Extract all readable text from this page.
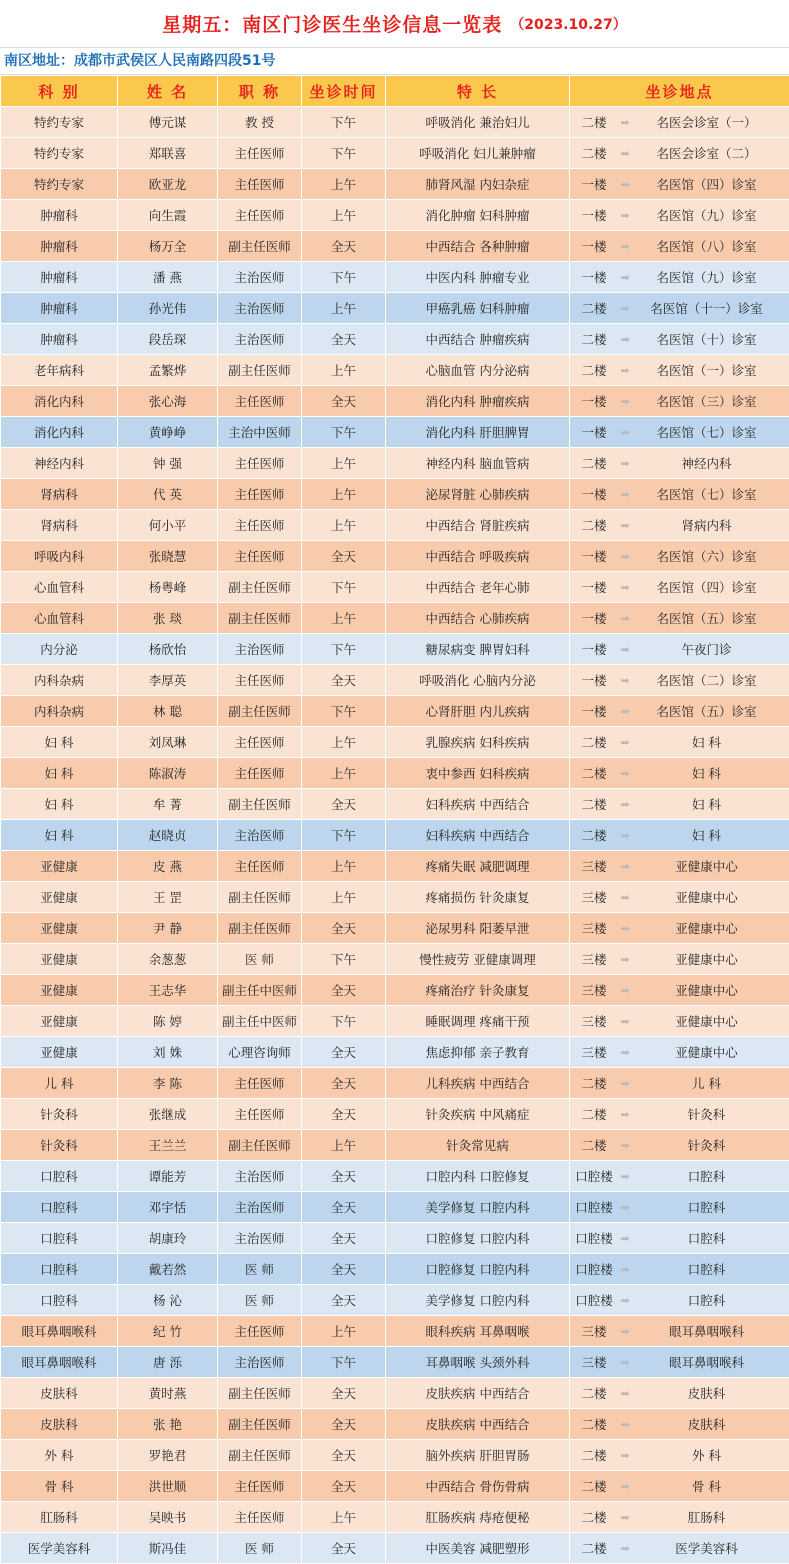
星期五：南区门诊医生坐诊信息一览表 （2023.10.27）
南区地址：成都市武侯区人民南路四段51号
科 别	姓 名	职 称	坐诊时间	特 长	坐诊地点
特约专家	傅元谋	教 授	下午	呼吸消化 兼治妇儿	二楼 ➡ 名医会诊室（一）

特约专家	郑联喜	主任医师	下午	呼吸消化 妇儿兼肿瘤	二楼 ➡ 名医会诊室（二）

特约专家	欧亚龙	主任医师	上午	肺肾风湿 内妇杂症	一楼 ➡ 名医馆（四）诊室

肿瘤科	向生霞	主任医师	上午	消化肿瘤 妇科肿瘤	一楼 ➡ 名医馆（九）诊室

肿瘤科	杨万全	副主任医师	全天	中西结合 各种肿瘤	一楼 ➡ 名医馆（八）诊室

肿瘤科	潘 燕	主治医师	下午	中医内科 肿瘤专业	一楼 ➡ 名医馆（九）诊室

肿瘤科	孙光伟	主治医师	上午	甲癌乳癌 妇科肿瘤	二楼 ➡ 名医馆（十一）诊室

肿瘤科	段岳琛	主治医师	全天	中西结合 肿瘤疾病	二楼 ➡ 名医馆（十）诊室

老年病科	孟繁烨	副主任医师	上午	心脑血管 内分泌病	二楼 ➡ 名医馆（一）诊室

消化内科	张心海	主任医师	全天	消化内科 肿瘤疾病	一楼 ➡ 名医馆（三）诊室

消化内科	黄峥峥	主治中医师	下午	消化内科 肝胆脾胃	一楼 ➡ 名医馆（七）诊室

神经内科	钟 强	主任医师	上午	神经内科 脑血管病	二楼 ➡ 神经内科

肾病科	代 英	主任医师	上午	泌尿肾脏 心肺疾病	一楼 ➡ 名医馆（七）诊室

肾病科	何小平	主任医师	上午	中西结合 肾脏疾病	二楼 ➡ 肾病内科

呼吸内科	张晓慧	主任医师	全天	中西结合 呼吸疾病	一楼 ➡ 名医馆（六）诊室

心血管科	杨粤峰	副主任医师	下午	中西结合 老年心肺	一楼 ➡ 名医馆（四）诊室

心血管科	张 琰	副主任医师	上午	中西结合 心肺疾病	一楼 ➡ 名医馆（五）诊室

内分泌	杨欣怡	主治医师	下午	糖尿病变 脾胃妇科	一楼 ➡ 午夜门诊

内科杂病	李厚英	主任医师	全天	呼吸消化 心脑内分泌	一楼 ➡ 名医馆（二）诊室

内科杂病	林 聪	副主任医师	下午	心肾肝胆 内儿疾病	一楼 ➡ 名医馆（五）诊室

妇 科	刘凤琳	主任医师	上午	乳腺疾病 妇科疾病	二楼 ➡ 妇 科

妇 科	陈淑涛	主任医师	上午	衷中参西 妇科疾病	二楼 ➡ 妇 科

妇 科	牟 菁	副主任医师	全天	妇科疾病 中西结合	二楼 ➡ 妇 科

妇 科	赵晓贞	主治医师	下午	妇科疾病 中西结合	二楼 ➡ 妇 科

亚健康	皮 燕	主任医师	上午	疼痛失眠 减肥调理	三楼 ➡ 亚健康中心

亚健康	王 罡	副主任医师	上午	疼痛损伤 针灸康复	三楼 ➡ 亚健康中心

亚健康	尹 静	副主任医师	全天	泌尿男科 阳萎早泄	三楼 ➡ 亚健康中心

亚健康	余葱葱	医 师	下午	慢性疲劳 亚健康调理	三楼 ➡ 亚健康中心

亚健康	王志华	副主任中医师	全天	疼痛治疗 针灸康复	三楼 ➡ 亚健康中心

亚健康	陈 婷	副主任中医师	下午	睡眠调理 疼痛干预	三楼 ➡ 亚健康中心

亚健康	刘 姝	心理咨询师	全天	焦虑抑郁 亲子教育	三楼 ➡ 亚健康中心

儿 科	李 陈	主任医师	全天	儿科疾病 中西结合	二楼 ➡ 儿 科

针灸科	张继成	主任医师	全天	针灸疾病 中风痛症	二楼 ➡ 针灸科

针灸科	王兰兰	副主任医师	上午	针灸常见病	二楼 ➡ 针灸科

口腔科	谭能芳	主治医师	全天	口腔内科 口腔修复	口腔楼 ➡ 口腔科

口腔科	邓宇恬	主治医师	全天	美学修复 口腔内科	口腔楼 ➡ 口腔科

口腔科	胡康玲	主治医师	全天	口腔修复 口腔内科	口腔楼 ➡ 口腔科

口腔科	戴若然	医 师	全天	口腔修复 口腔内科	口腔楼 ➡ 口腔科

口腔科	杨 沁	医 师	全天	美学修复 口腔内科	口腔楼 ➡ 口腔科

眼耳鼻咽喉科	纪 竹	主任医师	上午	眼科疾病 耳鼻咽喉	三楼 ➡ 眼耳鼻咽喉科

眼耳鼻咽喉科	唐 泺	主治医师	下午	耳鼻咽喉 头颈外科	三楼 ➡ 眼耳鼻咽喉科

皮肤科	黄时燕	副主任医师	全天	皮肤疾病 中西结合	二楼 ➡ 皮肤科

皮肤科	张 艳	副主任医师	全天	皮肤疾病 中西结合	二楼 ➡ 皮肤科

外 科	罗艳君	副主任医师	全天	脑外疾病 肝胆胃肠	二楼 ➡ 外 科

骨 科	洪世顺	主任医师	全天	中西结合 骨伤骨病	二楼 ➡ 骨 科

肛肠科	吴映书	主任医师	上午	肛肠疾病 痔疮便秘	二楼 ➡ 肛肠科

医学美容科	斯冯佳	医 师	全天	中医美容 减肥塑形	二楼 ➡ 医学美容科
